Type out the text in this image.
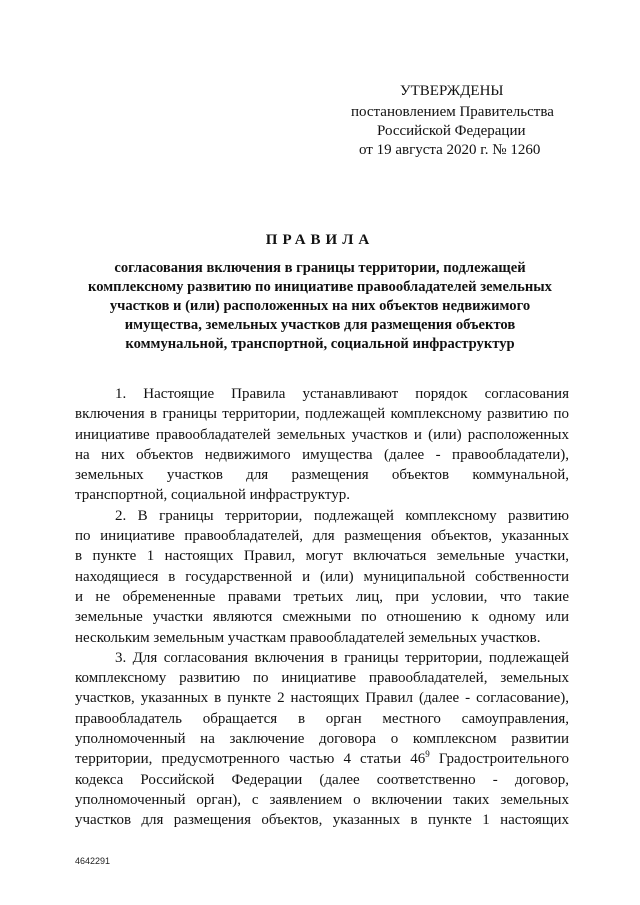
УТВЕРЖДЕНЫ
постановлением Правительства
Российской Федерации
от 19 августа 2020 г. № 1260
ПРАВИЛА
согласования включения в границы территории, подлежащей
комплексному развитию по инициативе правообладателей земельных
участков и (или) расположенных на них объектов недвижимого
имущества, земельных участков для размещения объектов
коммунальной, транспортной, социальной инфраструктур
1. Настоящие Правила устанавливают порядок согласования
включения в границы территории, подлежащей комплексному развитию по
инициативе правообладателей земельных участков и (или) расположенных
на них объектов недвижимого имущества (далее - правообладатели),
земельных участков для размещения объектов коммунальной,
транспортной, социальной инфраструктур.
2. В границы территории, подлежащей комплексному развитию
по инициативе правообладателей, для размещения объектов, указанных
в пункте 1 настоящих Правил, могут включаться земельные участки,
находящиеся в государственной и (или) муниципальной собственности
и не обремененные правами третьих лиц, при условии, что такие
земельные участки являются смежными по отношению к одному или
нескольким земельным участкам правообладателей земельных участков.
3. Для согласования включения в границы территории, подлежащей
комплексному развитию по инициативе правообладателей, земельных
участков, указанных в пункте 2 настоящих Правил (далее - согласование),
правообладатель обращается в орган местного самоуправления,
уполномоченный на заключение договора о комплексном развитии
территории, предусмотренного частью 4 статьи $46^9$ Градостроительного
кодекса Российской Федерации (далее соответственно - договор,
уполномоченный орган), с заявлением о включении таких земельных
участков для размещения объектов, указанных в пункте 1 настоящих
4642291
